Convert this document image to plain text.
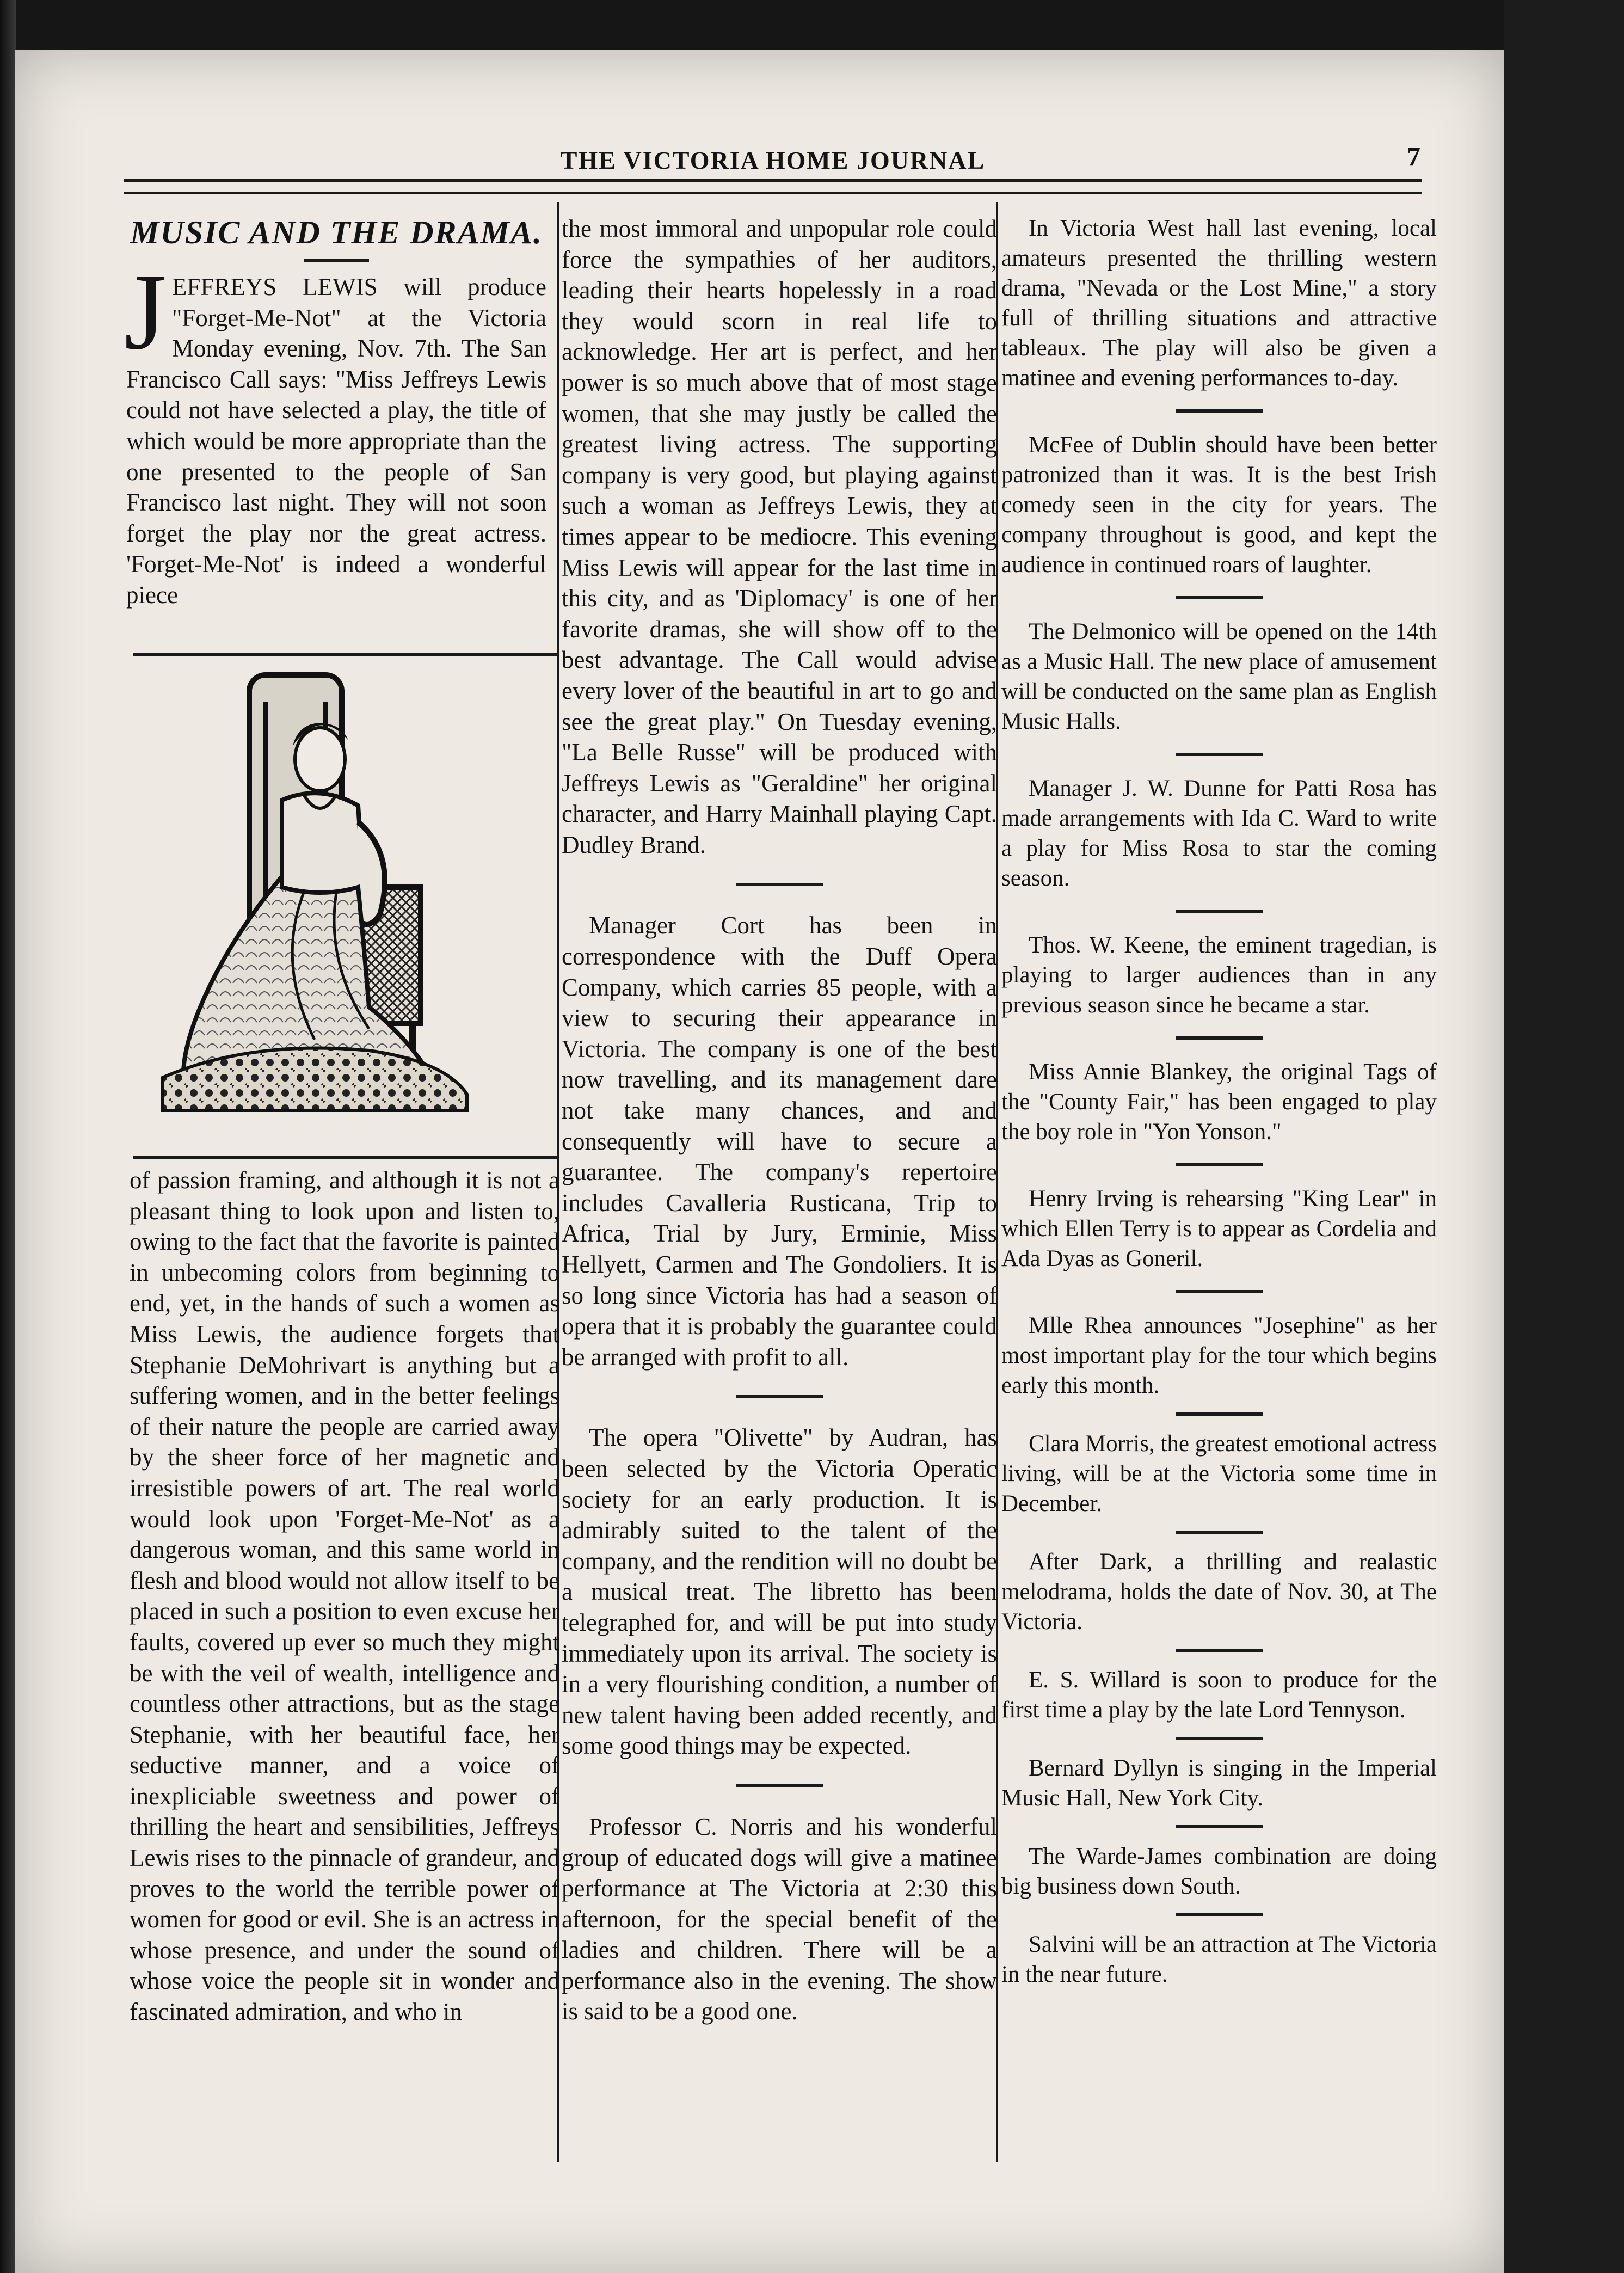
THE VICTORIA HOME JOURNAL	7
MUSIC AND THE DRAMA.

JEFFREYS LEWIS will produce "Forget-Me-Not" at the Victoria Monday evening, Nov. 7th. The San Francisco Call says: "Miss Jeffreys Lewis could not have selected a play, the title of which would be more appropriate than the one presented to the people of San Francisco last night. They will not soon forget the play nor the great actress. 'Forget-Me-Not' is indeed a wonderful piece

of passion framing, and although it is not a pleasant thing to look upon and listen to, owing to the fact that the favorite is painted in unbecoming colors from beginning to end, yet, in the hands of such a women as Miss Lewis, the audience forgets that Stephanie DeMohrivart is anything but a suffering women, and in the better feelings of their nature the people are carried away by the sheer force of her magnetic and irresistible powers of art. The real world would look upon 'Forget-Me-Not' as a dangerous woman, and this same world in flesh and blood would not allow itself to be placed in such a position to even excuse her faults, covered up ever so much they might be with the veil of wealth, intelligence and countless other attractions, but as the stage Stephanie, with her beautiful face, her seductive manner, and a voice of inexpliciable sweetness and power of thrilling the heart and sensibilities, Jeffreys Lewis rises to the pinnacle of grandeur, and proves to the world the terrible power of women for good or evil. She is an actress in whose presence, and under the sound of whose voice the people sit in wonder and fascinated admiration, and who in

the most immoral and unpopular role could force the sympathies of her auditors, leading their hearts hopelessly in a road they would scorn in real life to acknowledge. Her art is perfect, and her power is so much above that of most stage women, that she may justly be called the greatest living actress. The supporting company is very good, but playing against such a woman as Jeffreys Lewis, they at times appear to be mediocre. This evening Miss Lewis will appear for the last time in this city, and as 'Diplomacy' is one of her favorite dramas, she will show off to the best advantage. The Call would advise every lover of the beautiful in art to go and see the great play." On Tuesday evening, "La Belle Russe" will be produced with Jeffreys Lewis as "Geraldine" her original character, and Harry Mainhall playing Capt. Dudley Brand.

Manager Cort has been in correspondence with the Duff Opera Company, which carries 85 people, with a view to securing their appearance in Victoria. The company is one of the best now travelling, and its management dare not take many chances, and and consequently will have to secure a guarantee. The company's repertoire includes Cavalleria Rusticana, Trip to Africa, Trial by Jury, Erminie, Miss Hellyett, Carmen and The Gondoliers. It is so long since Victoria has had a season of opera that it is probably the guarantee could be arranged with profit to all.

The opera "Olivette" by Audran, has been selected by the Victoria Operatic society for an early production. It is admirably suited to the talent of the company, and the rendition will no doubt be a musical treat. The libretto has been telegraphed for, and will be put into study immediately upon its arrival. The society is in a very flourishing condition, a number of new talent having been added recently, and some good things may be expected.

Professor C. Norris and his wonderful group of educated dogs will give a matinee performance at The Victoria at 2:30 this afternoon, for the special benefit of the ladies and children. There will be a performance also in the evening. The show is said to be a good one.

In Victoria West hall last evening, local amateurs presented the thrilling western drama, "Nevada or the Lost Mine," a story full of thrilling situations and attractive tableaux. The play will also be given a matinee and evening performances to-day.

McFee of Dublin should have been better patronized than it was. It is the best Irish comedy seen in the city for years. The company throughout is good, and kept the audience in continued roars of laughter.

The Delmonico will be opened on the 14th as a Music Hall. The new place of amusement will be conducted on the same plan as English Music Halls.

Manager J. W. Dunne for Patti Rosa has made arrangements with Ida C. Ward to write a play for Miss Rosa to star the coming season.

Thos. W. Keene, the eminent tragedian, is playing to larger audiences than in any previous season since he became a star.

Miss Annie Blankey, the original Tags of the "County Fair," has been engaged to play the boy role in "Yon Yonson."

Henry Irving is rehearsing "King Lear" in which Ellen Terry is to appear as Cordelia and Ada Dyas as Goneril.

Mlle Rhea announces "Josephine" as her most important play for the tour which begins early this month.

Clara Morris, the greatest emotional actress living, will be at the Victoria some time in December.

After Dark, a thrilling and realastic melodrama, holds the date of Nov. 30, at The Victoria.

E. S. Willard is soon to produce for the first time a play by the late Lord Tennyson.

Bernard Dyllyn is singing in the Imperial Music Hall, New York City.

The Warde-James combination are doing big business down South.

Salvini will be an attraction at The Victoria in the near future.
